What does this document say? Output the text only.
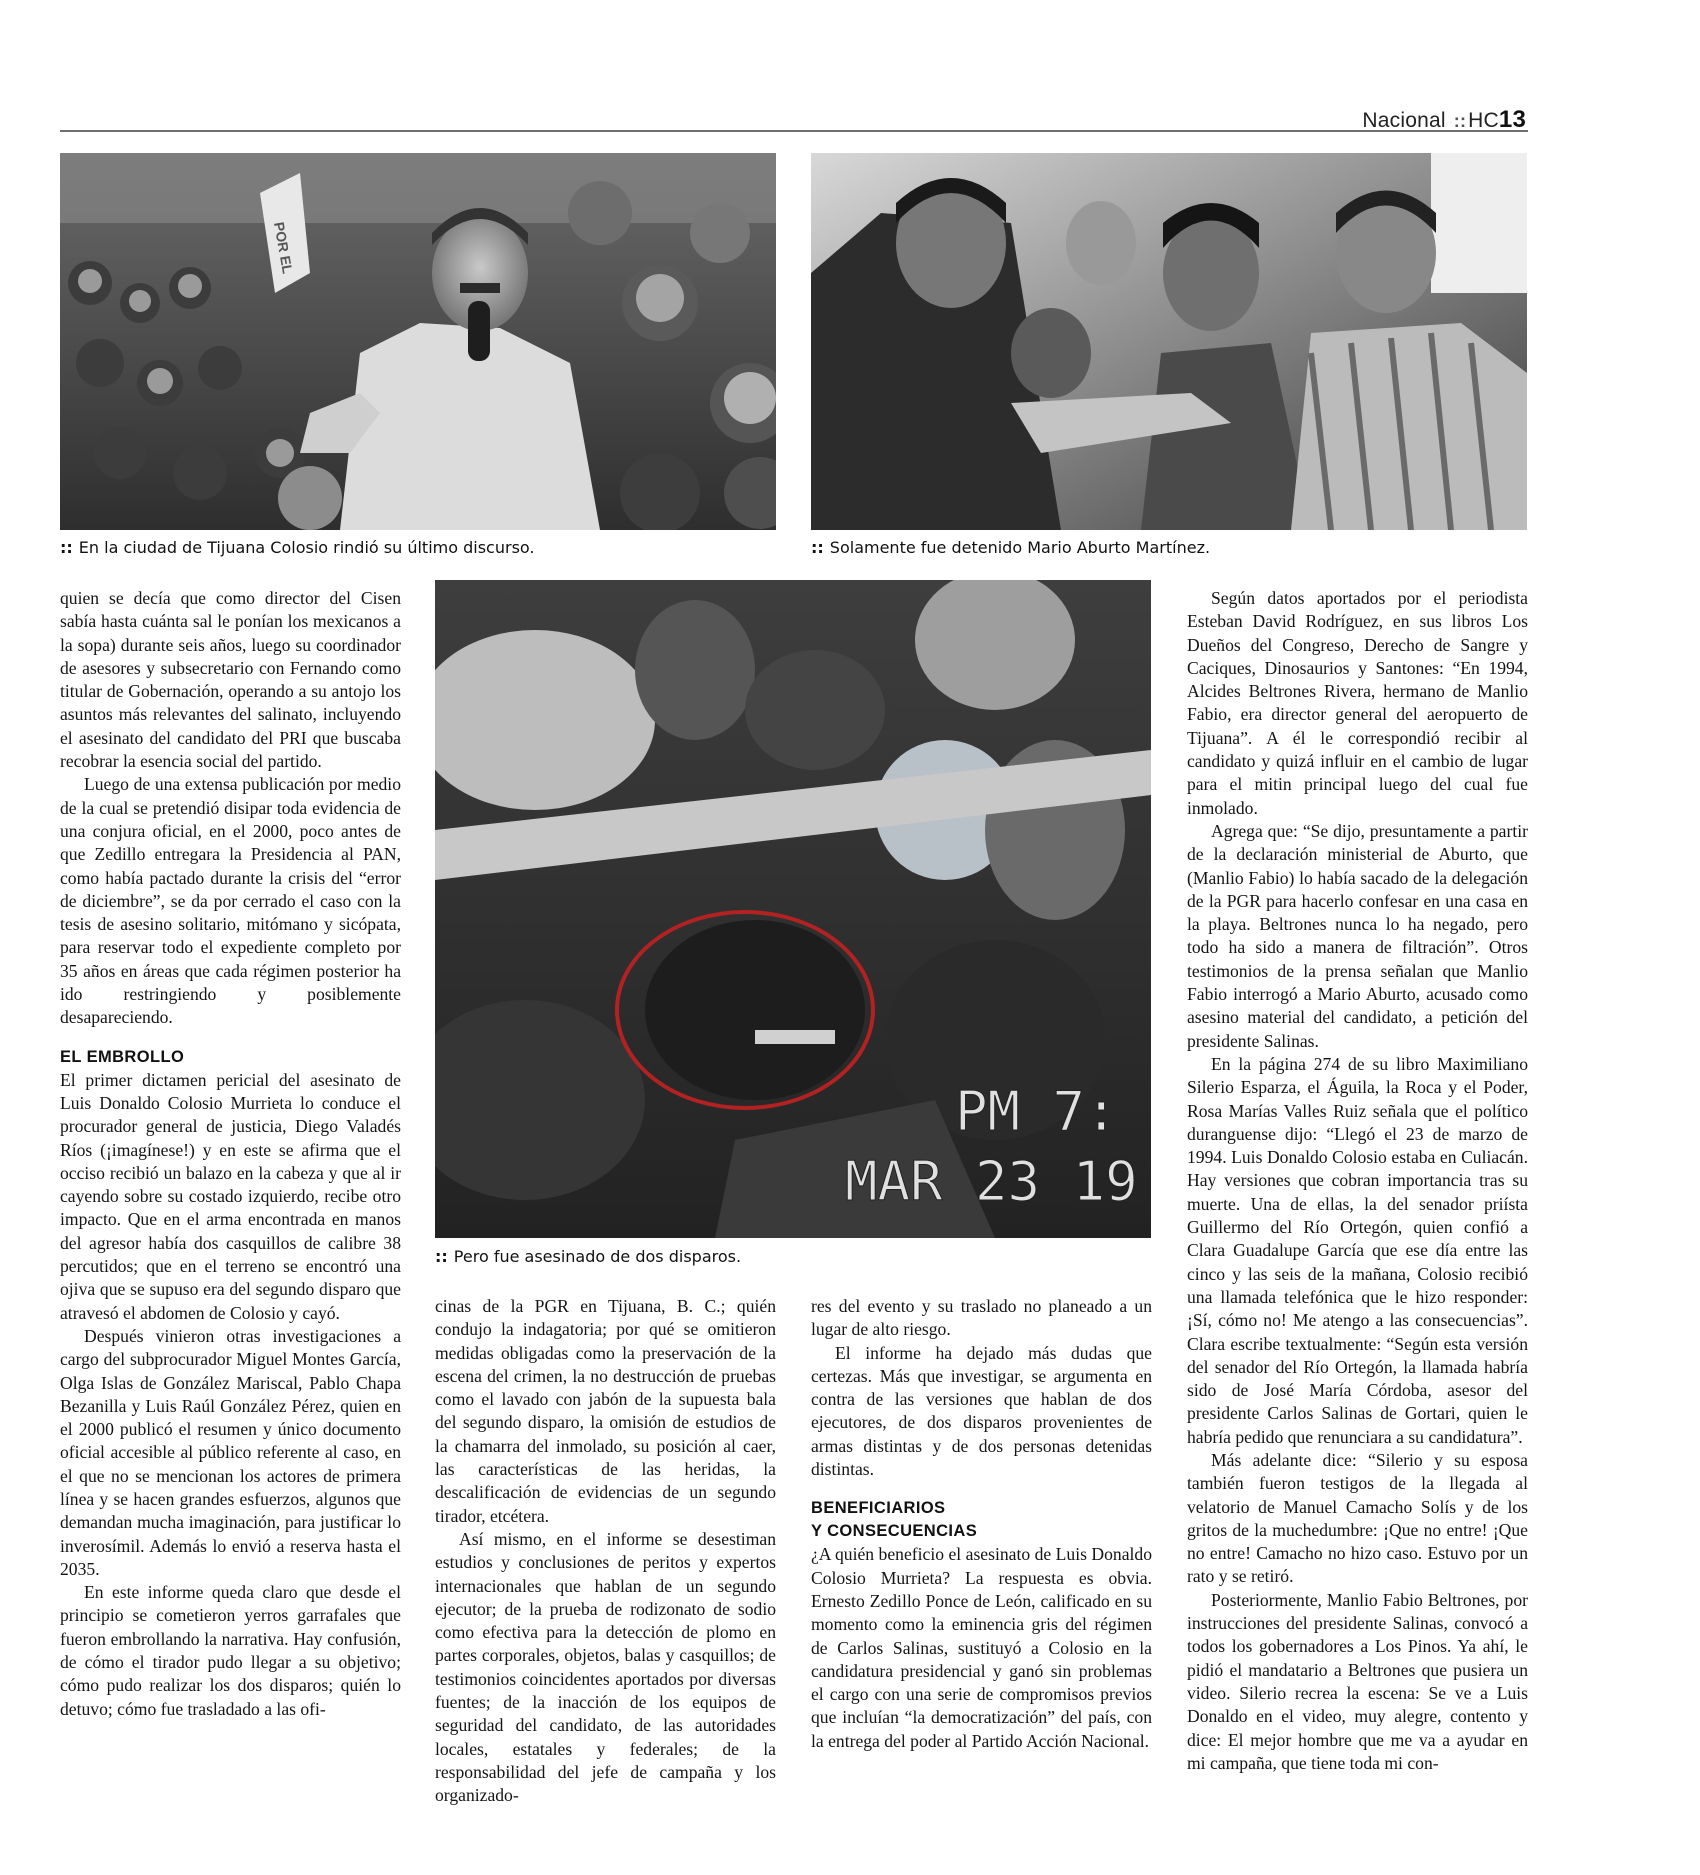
Nacional ::HC13
POR EL
:: En la ciudad de Tijuana Colosio rindió su último discurso.	:: Solamente fue detenido Mario Aburto Martínez.
PM 7:
MAR 23 19
:: Pero fue asesinado de dos disparos.

quien se decía que como director del Cisen sabía hasta cuánta sal le ponían los mexicanos a la sopa) durante seis años, luego su coordinador de asesores y subsecretario con Fernando como titular de Gobernación, operando a su antojo los asuntos más relevantes del salinato, incluyendo el asesinato del candidato del PRI que buscaba recobrar la esencia social del partido.

Luego de una extensa publicación por medio de la cual se pretendió disipar toda evidencia de una conjura oficial, en el 2000, poco antes de que Zedillo entregara la Presidencia al PAN, como había pactado durante la crisis del “error de diciembre”, se da por cerrado el caso con la tesis de asesino solitario, mitómano y sicópata, para reservar todo el expediente completo por 35 años en áreas que cada régimen posterior ha ido restringiendo y posiblemente desapareciendo.

EL EMBROLLO

El primer dictamen pericial del asesinato de Luis Donaldo Colosio Murrieta lo conduce el procurador general de justicia, Diego Valadés Ríos (¡imagínese!) y en este se afirma que el occiso recibió un balazo en la cabeza y que al ir cayendo sobre su costado izquierdo, recibe otro impacto. Que en el arma encontrada en manos del agresor había dos casquillos de calibre 38 percutidos; que en el terreno se encontró una ojiva que se supuso era del segundo disparo que atravesó el abdomen de Colosio y cayó.

Después vinieron otras investigaciones a cargo del subprocurador Miguel Montes García, Olga Islas de González Mariscal, Pablo Chapa Bezanilla y Luis Raúl González Pérez, quien en el 2000 publicó el resumen y único documento oficial accesible al público referente al caso, en el que no se mencionan los actores de primera línea y se hacen grandes esfuerzos, algunos que demandan mucha imaginación, para justificar lo inverosímil. Además lo envió a reserva hasta el 2035.

En este informe queda claro que desde el principio se cometieron yerros garrafales que fueron embrollando la narrativa. Hay confusión, de cómo el tirador pudo llegar a su objetivo; cómo pudo realizar los dos disparos; quién lo detuvo; cómo fue trasladado a las ofi-

cinas de la PGR en Tijuana, B. C.; quién condujo la indagatoria; por qué se omitieron medidas obligadas como la preservación de la escena del crimen, la no destrucción de pruebas como el lavado con jabón de la supuesta bala del segundo disparo, la omisión de estudios de la chamarra del inmolado, su posición al caer, las características de las heridas, la descalificación de evidencias de un segundo tirador, etcétera.

Así mismo, en el informe se desestiman estudios y conclusiones de peritos y expertos internacionales que hablan de un segundo ejecutor; de la prueba de rodizonato de sodio como efectiva para la detección de plomo en partes corporales, objetos, balas y casquillos; de testimonios coincidentes aportados por diversas fuentes; de la inacción de los equipos de seguridad del candidato, de las autoridades locales, estatales y federales; de la responsabilidad del jefe de campaña y los organizado-

res del evento y su traslado no planeado a un lugar de alto riesgo.

El informe ha dejado más dudas que certezas. Más que investigar, se argumenta en contra de las versiones que hablan de dos ejecutores, de dos disparos provenientes de armas distintas y de dos personas detenidas distintas.

BENEFICIARIOS
Y CONSECUENCIAS

¿A quién beneficio el asesinato de Luis Donaldo Colosio Murrieta? La respuesta es obvia. Ernesto Zedillo Ponce de León, calificado en su momento como la eminencia gris del régimen de Carlos Salinas, sustituyó a Colosio en la candidatura presidencial y ganó sin problemas el cargo con una serie de compromisos previos que incluían “la democratización” del país, con la entrega del poder al Partido Acción Nacional.

Según datos aportados por el periodista Esteban David Rodríguez, en sus libros Los Dueños del Congreso, Derecho de Sangre y Caciques, Dinosaurios y Santones: “En 1994, Alcides Beltrones Rivera, hermano de Manlio Fabio, era director general del aeropuerto de Tijuana”. A él le correspondió recibir al candidato y quizá influir en el cambio de lugar para el mitin principal luego del cual fue inmolado.

Agrega que: “Se dijo, presuntamente a partir de la declaración ministerial de Aburto, que (Manlio Fabio) lo había sacado de la delegación de la PGR para hacerlo confesar en una casa en la playa. Beltrones nunca lo ha negado, pero todo ha sido a manera de filtración”. Otros testimonios de la prensa señalan que Manlio Fabio interrogó a Mario Aburto, acusado como asesino material del candidato, a petición del presidente Salinas.

En la página 274 de su libro Maximiliano Silerio Esparza, el Águila, la Roca y el Poder, Rosa Marías Valles Ruiz señala que el político duranguense dijo: “Llegó el 23 de marzo de 1994. Luis Donaldo Colosio estaba en Culiacán. Hay versiones que cobran importancia tras su muerte. Una de ellas, la del senador priísta Guillermo del Río Ortegón, quien confió a Clara Guadalupe García que ese día entre las cinco y las seis de la mañana, Colosio recibió una llamada telefónica que le hizo responder: ¡Sí, cómo no! Me atengo a las consecuencias”. Clara escribe textualmente: “Según esta versión del senador del Río Ortegón, la llamada habría sido de José María Córdoba, asesor del presidente Carlos Salinas de Gortari, quien le habría pedido que renunciara a su candidatura”.

Más adelante dice: “Silerio y su esposa también fueron testigos de la llegada al velatorio de Manuel Camacho Solís y de los gritos de la muchedumbre: ¡Que no entre! ¡Que no entre! Camacho no hizo caso. Estuvo por un rato y se retiró.

Posteriormente, Manlio Fabio Beltrones, por instrucciones del presidente Salinas, convocó a todos los gobernadores a Los Pinos. Ya ahí, le pidió el mandatario a Beltrones que pusiera un video. Silerio recrea la escena: Se ve a Luis Donaldo en el video, muy alegre, contento y dice: El mejor hombre que me va a ayudar en mi campaña, que tiene toda mi con-
